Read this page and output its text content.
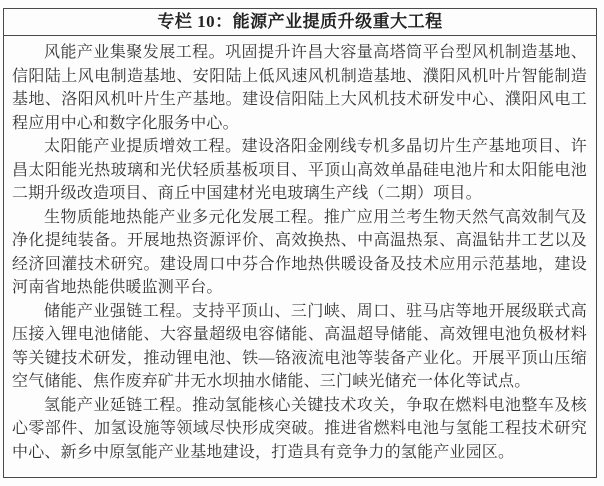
专栏 10：能源产业提质升级重大工程

风能产业集聚发展工程。巩固提升许昌大容量高塔筒平台型风机制造基地、信阳陆上风电制造基地、安阳陆上低风速风机制造基地、濮阳风机叶片智能制造基地、洛阳风机叶片生产基地。建设信阳陆上大风机技术研发中心、濮阳风电工程应用中心和数字化服务中心。

太阳能产业提质增效工程。建设洛阳金刚线专机多晶切片生产基地项目、许昌太阳能光热玻璃和光伏轻质基板项目、平顶山高效单晶硅电池片和太阳能电池二期升级改造项目、商丘中国建材光电玻璃生产线（二期）项目。

生物质能地热能产业多元化发展工程。推广应用兰考生物天然气高效制气及净化提纯装备。开展地热资源评价、高效换热、中高温热泵、高温钻井工艺以及经济回灌技术研究。建设周口中芬合作地热供暖设备及技术应用示范基地，建设河南省地热能供暖监测平台。

储能产业强链工程。支持平顶山、三门峡、周口、驻马店等地开展级联式高压接入锂电池储能、大容量超级电容储能、高温超导储能、高效锂电池负极材料等关键技术研发，推动锂电池、铁—铬液流电池等装备产业化。开展平顶山压缩空气储能、焦作废弃矿井无水坝抽水储能、三门峡光储充一体化等试点。

氢能产业延链工程。推动氢能核心关键技术攻关，争取在燃料电池整车及核心零部件、加氢设施等领域尽快形成突破。推进省燃料电池与氢能工程技术研究中心、新乡中原氢能产业基地建设，打造具有竞争力的氢能产业园区。
